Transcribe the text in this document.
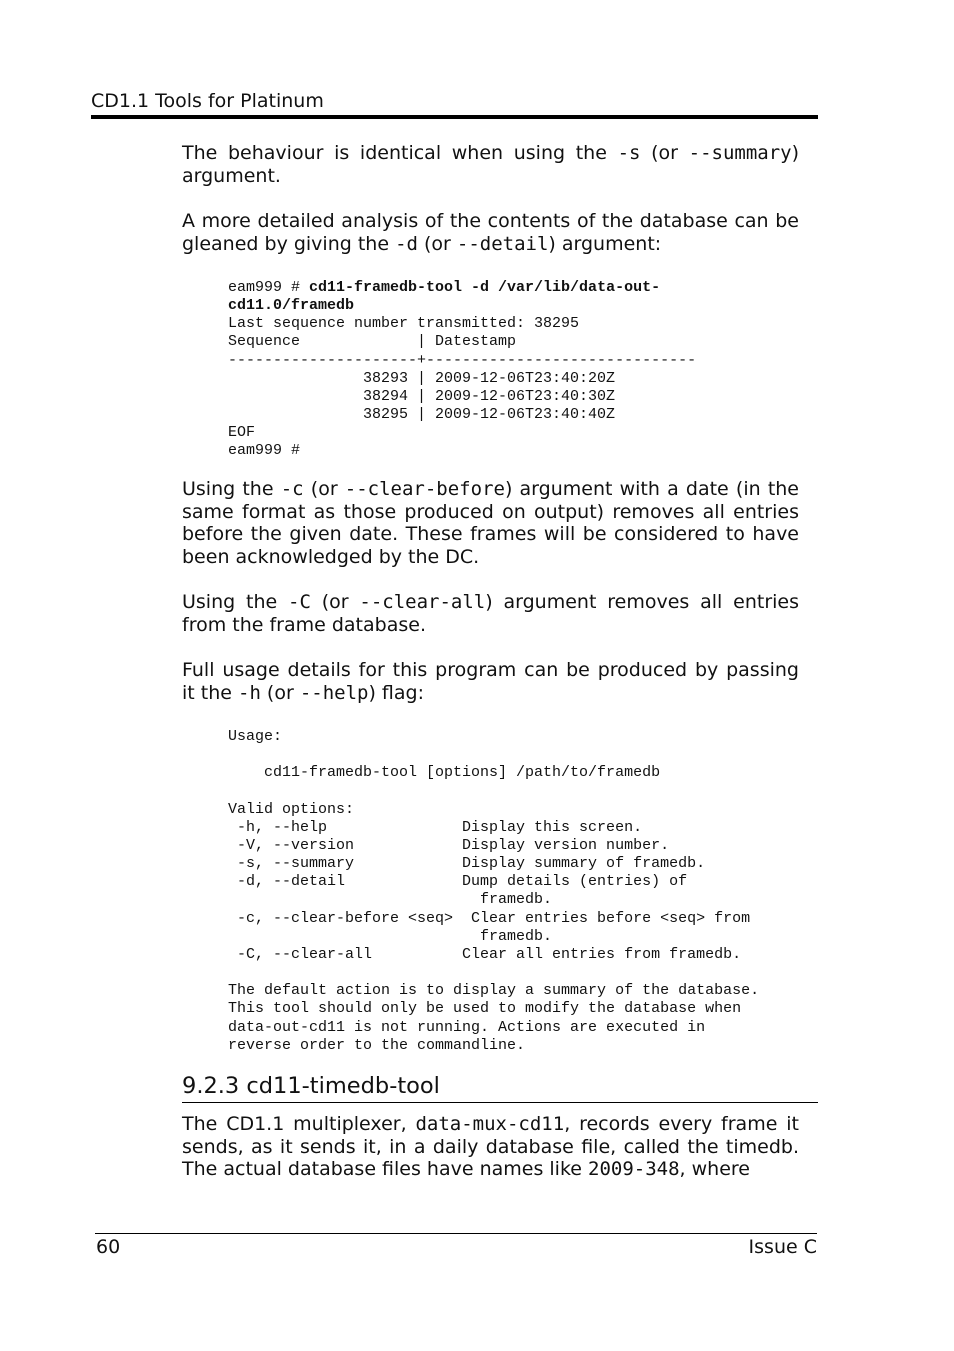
CD1.1 Tools for Platinum

The behaviour is identical when using the -s (or --summary) argument.

A more detailed analysis of the contents of the database can be gleaned by giving the -d (or --detail) argument:

eam999 # cd11-framedb-tool -d /var/lib/data-out-
cd11.0/framedb
Last sequence number transmitted: 38295
Sequence             | Datestamp
---------------------+------------------------------
38293 | 2009-12-06T23:40:20Z
38294 | 2009-12-06T23:40:30Z
38295 | 2009-12-06T23:40:40Z
EOF
eam999 #

Using the -c (or --clear-before) argument with a date (in the same format as those produced on output) removes all entries before the given date. These frames will be considered to have been acknowledged by the DC.

Using the -C (or --clear-all) argument removes all entries from the frame database.

Full usage details for this program can be produced by passing it the -h (or --help) flag:

Usage:

cd11-framedb-tool [options] /path/to/framedb

Valid options:
-h, --help               Display this screen.
-V, --version            Display version number.
-s, --summary            Display summary of framedb.
-d, --detail             Dump details (entries) of
framedb.
-c, --clear-before <seq>  Clear entries before <seq> from
framedb.
-C, --clear-all          Clear all entries from framedb.

The default action is to display a summary of the database.
This tool should only be used to modify the database when
data-out-cd11 is not running. Actions are executed in
reverse order to the commandline.
9.2.3 cd11-timedb-tool

The CD1.1 multiplexer, data-mux-cd11, records every frame it sends, as it sends it, in a daily database file, called the timedb. The actual database files have names like 2009-348, where

60	Issue C
